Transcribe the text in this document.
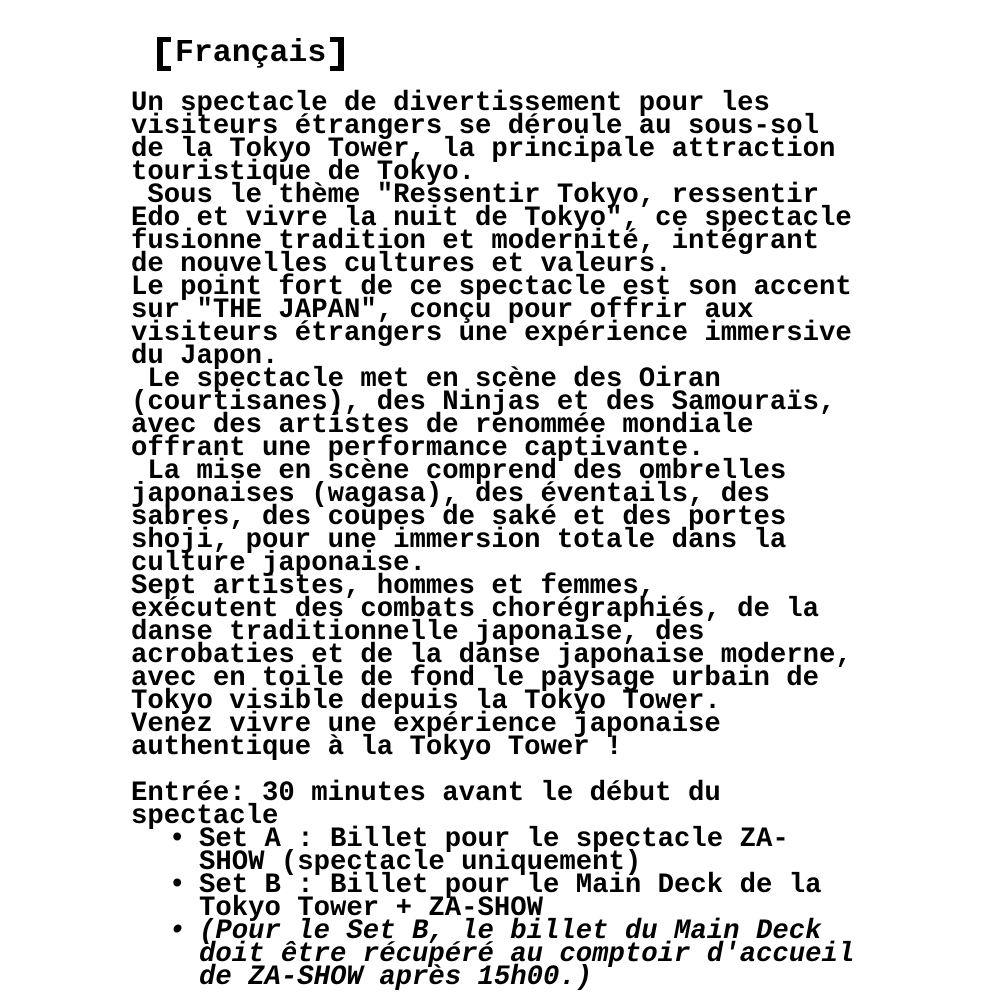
Français
Un spectacle de divertissement pour les
visiteurs étrangers se déroule au sous-sol
de la Tokyo Tower, la principale attraction
touristique de Tokyo.
Sous le thème "Ressentir Tokyo, ressentir
Edo et vivre la nuit de Tokyo", ce spectacle
fusionne tradition et modernité, intégrant
de nouvelles cultures et valeurs.
Le point fort de ce spectacle est son accent
sur "THE JAPAN", conçu pour offrir aux
visiteurs étrangers une expérience immersive
du Japon.
Le spectacle met en scène des Oiran
(courtisanes), des Ninjas et des Samouraïs,
avec des artistes de renommée mondiale
offrant une performance captivante.
La mise en scène comprend des ombrelles
japonaises (wagasa), des éventails, des
sabres, des coupes de saké et des portes
shoji, pour une immersion totale dans la
culture japonaise.
Sept artistes, hommes et femmes,
exécutent des combats chorégraphiés, de la
danse traditionnelle japonaise, des
acrobaties et de la danse japonaise moderne,
avec en toile de fond le paysage urbain de
Tokyo visible depuis la Tokyo Tower.
Venez vivre une expérience japonaise
authentique à la Tokyo Tower !
Entrée: 30 minutes avant le début du
spectacle
• Set A : Billet pour le spectacle ZA-
SHOW (spectacle uniquement)
• Set B : Billet pour le Main Deck de la
Tokyo Tower + ZA-SHOW
• (Pour le Set B, le billet du Main Deck
doit être récupéré au comptoir d'accueil
de ZA-SHOW après 15h00.)
